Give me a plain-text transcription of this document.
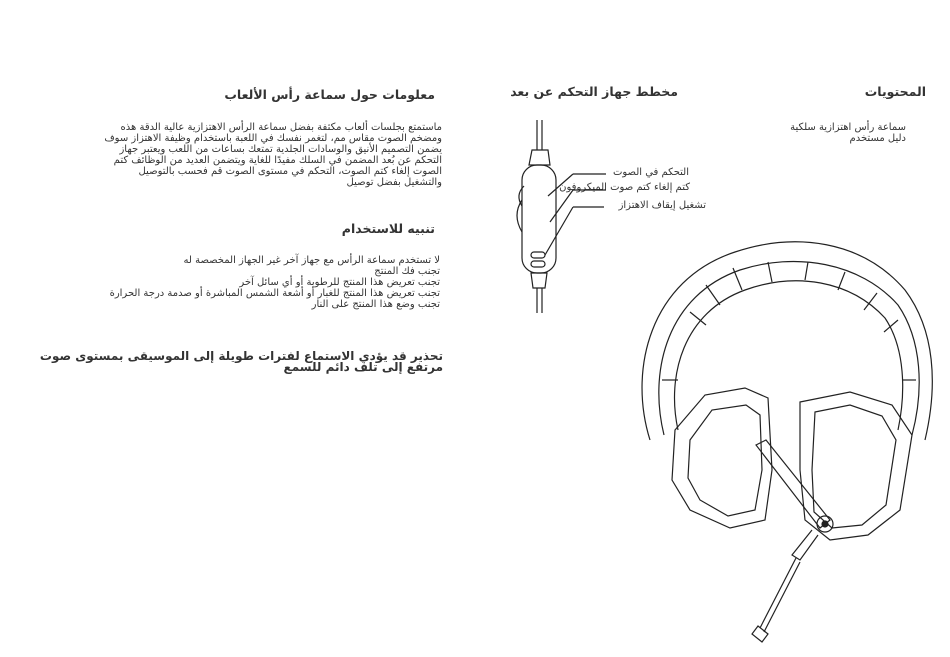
معلومات حول سماعة رأس الألعاب
ماستمتع بجلسات ألعاب مكثفة بفضل سماعة الرأس الاهتزازية عالية الدقة هذه
ومضخم الصوت مقاس مم، لتغمر نفسك في اللعبة باستخدام وظيفة الاهتزاز سوف
يضمن التصميم الأنيق والوسادات الجلدية تمتعك بساعات من اللعب ويعتبر جهاز
التحكم عن بُعد المضمن في السلك مفيدًا للغاية ويتضمن العديد من الوظائف كتم
الصوت إلغاء كتم الصوت، التحكم في مستوى الصوت قم فحسب بالتوصيل
والتشغيل بفضل توصيل
تنبيه للاستخدام
لا تستخدم سماعة الرأس مع جهاز آخر غير الجهاز المخصصة له
تجنب فك المنتج
تجنب تعريض هذا المنتج للرطوبة أو أي سائل آخر
تجنب تعريض هذا المنتج للغبار أو أشعة الشمس المباشرة أو صدمة درجة الحرارة
تجنب وضع هذا المنتج على النار
تحذير قد يؤدي الاستماع لفترات طويلة إلى الموسيقى بمستوى صوت
مرتفع إلى تلف دائم للسمع
مخطط جهاز التحكم عن بعد
التحكم في الصوت
كتم إلغاء كتم صوت الميكروفون
تشغيل إيقاف الاهتزاز
المحتويات
سماعة رأس اهتزازية سلكية
دليل مستخدم
